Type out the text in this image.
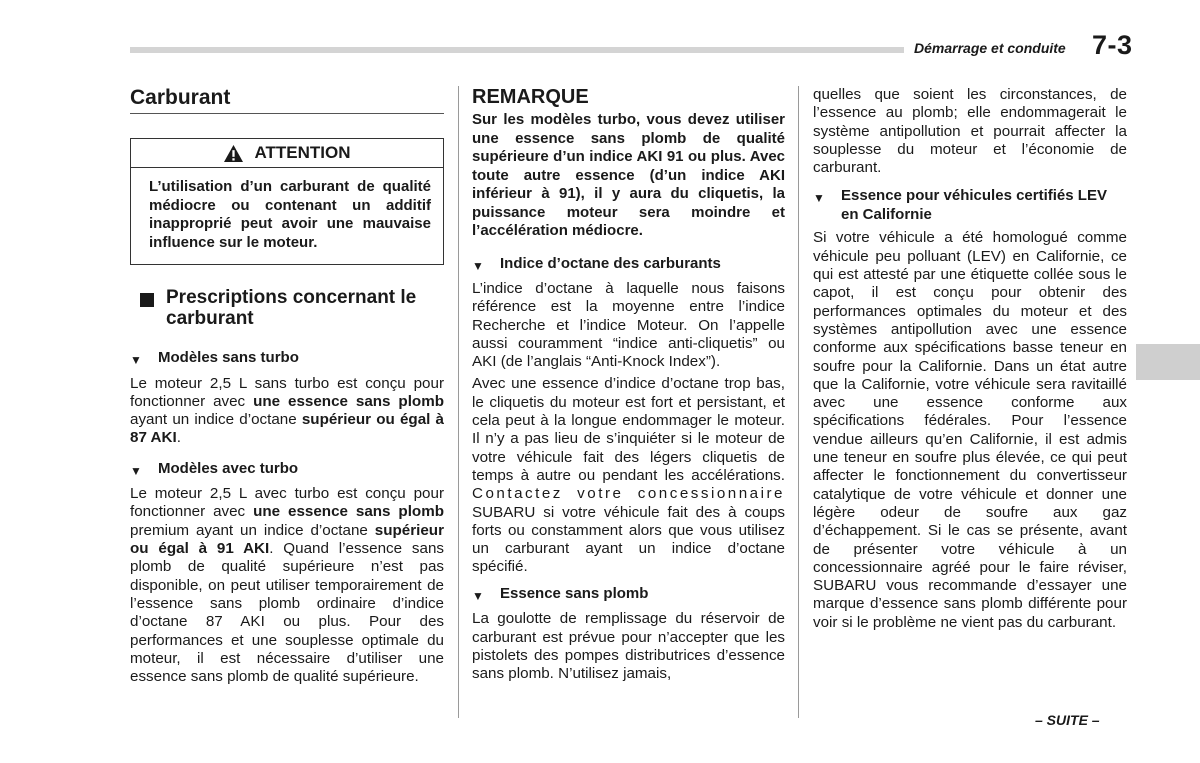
Démarrage et conduite 7-3
Carburant
ATTENTION
L’utilisation d’un carburant de qualité médiocre ou contenant un additif inapproprié peut avoir une mauvaise influence sur le moteur.
Prescriptions concernant le carburant
▼	Modèles sans turbo

Le moteur 2,5 L sans turbo est conçu pour fonctionner avec une essence sans plomb ayant un indice d’octane supérieur ou égal à 87 AKI.

▼	Modèles avec turbo

Le moteur 2,5 L avec turbo est conçu pour fonctionner avec une essence sans plomb premium ayant un indice d’octane supérieur ou égal à 91 AKI. Quand l’essence sans plomb de qualité supérieure n’est pas disponible, on peut utiliser temporairement de l’essence sans plomb ordinaire d’indice d’octane 87 AKI ou plus. Pour des performances et une souplesse optimale du moteur, il est nécessaire d’utiliser une essence sans plomb de qualité supérieure.

REMARQUE
Sur les modèles turbo, vous devez utiliser une essence sans plomb de qualité supérieure d’un indice AKI 91 ou plus. Avec toute autre essence (d’un indice AKI inférieur à 91), il y aura du cliquetis, la puissance moteur sera moindre et l’accélération médiocre.
▼	Indice d’octane des carburants

L’indice d’octane à laquelle nous faisons référence est la moyenne entre l’indice Recherche et l’indice Moteur. On l’appelle aussi couramment “indice anti-cliquetis” ou AKI (de l’anglais “Anti-Knock Index”).

Avec une essence d’indice d’octane trop bas, le cliquetis du moteur est fort et persistant, et cela peut à la longue endommager le moteur. Il n’y a pas lieu de s’inquiéter si le moteur de votre véhicule fait des légers cliquetis de temps à autre ou pendant les accélérations. Contactez votre concessionnaire SUBARU si votre véhicule fait des à coups forts ou constamment alors que vous utilisez un carburant ayant un indice d’octane spécifié.

▼	Essence sans plomb

La goulotte de remplissage du réservoir de carburant est prévue pour n’accepter que les pistolets des pompes distributrices d’essence sans plomb. N’utilisez jamais,

quelles que soient les circonstances, de l’essence au plomb; elle endommagerait le système antipollution et pourrait affecter la souplesse du moteur et l’économie de carburant.

▼	Essence pour véhicules certifiés LEV en Californie

Si votre véhicule a été homologué comme véhicule peu polluant (LEV) en Californie, ce qui est attesté par une étiquette collée sous le capot, il est conçu pour obtenir des performances optimales du moteur et des systèmes antipollution avec une essence conforme aux spécifications basse teneur en soufre pour la Californie. Dans un état autre que la Californie, votre véhicule sera ravitaillé avec une essence conforme aux spécifications fédérales. Pour l’essence vendue ailleurs qu’en Californie, il est admis une teneur en soufre plus élevée, ce qui peut affecter le fonctionnement du convertisseur catalytique de votre véhicule et donner une légère odeur de soufre aux gaz d’échappement. Si le cas se présente, avant de présenter votre véhicule à un concessionnaire agréé pour le faire réviser, SUBARU vous recommande d’essayer une marque d’essence sans plomb différente pour voir si le problème ne vient pas du carburant.

– SUITE –
